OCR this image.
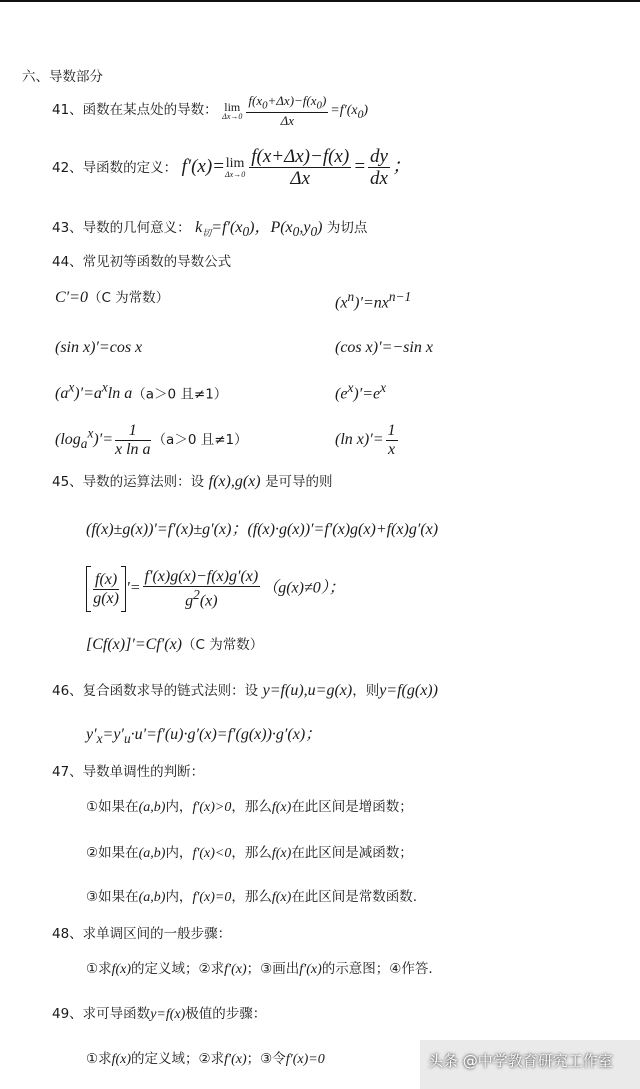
六、导数部分
41、函数在某点处的导数： lim
$\Delta x\to 0 \frac{f(x_0+\Delta x)-f(x_0)}{\Delta x} =f'(x_0)$
42、导函数的定义： f′(x)= lim
$\Delta x\to 0 \frac{f(x+\Delta x)-f(x)}{\Delta x} = \frac{dy}{dx}$ ；
43、导数的几何意义： $k_切=f'(x_0)$，$P(x_0,y_0)$ 为切点
44、常见初等函数的导数公式
C′=0（C 为常数）	$(x^n)'=nx^{n-1}$
(sin x)′=cos x	(cos x)′=−sin x
$(a^x)'=a^x\ln$ a（a＞0 且≠1）	$(e^x)'=e^x$
$(\log_a^x)'= \frac{1}{\text{x ln a}} (a>0$ 且≠1）	(ln $x)'= \frac{1}{x}$
45、导数的运算法则：设 f(x),g(x) 是可导的则
(f(x)±g(x))′=f′(x)±g′(x)；(f(x)·g(x))′=f′(x)g(x)+f(x)g′(x)
$\frac{f(x)}{g(x)}$ ′= $\frac{f'(x)g(x)-f(x)g'(x)}{g^2(x)} (g(x)\ne 0)$；
[Cf(x)]′=Cf′(x)（C 为常数）
46、复合函数求导的链式法则：设 y=f(u),u=g(x)，则y=f(g(x))
$y'_x=y'_u\cdot u'=f'(u)\cdot g'(x)=f'(g(x))\cdot g'(x)$；
47、导数单调性的判断：
①如果在(a,b)内，f′(x)>0，那么f(x)在此区间是增函数；
②如果在(a,b)内，f′(x)<0，那么f(x)在此区间是减函数；
③如果在(a,b)内，f′(x)=0，那么f(x)在此区间是常数函数.
48、求单调区间的一般步骤：
①求f(x)的定义域；②求f′(x)；③画出f′(x)的示意图；④作答.
49、求可导函数y=f(x)极值的步骤：
①求f(x)的定义域；②求f′(x)；③令f′(x)=0	头条 @中学教育研究工作室
